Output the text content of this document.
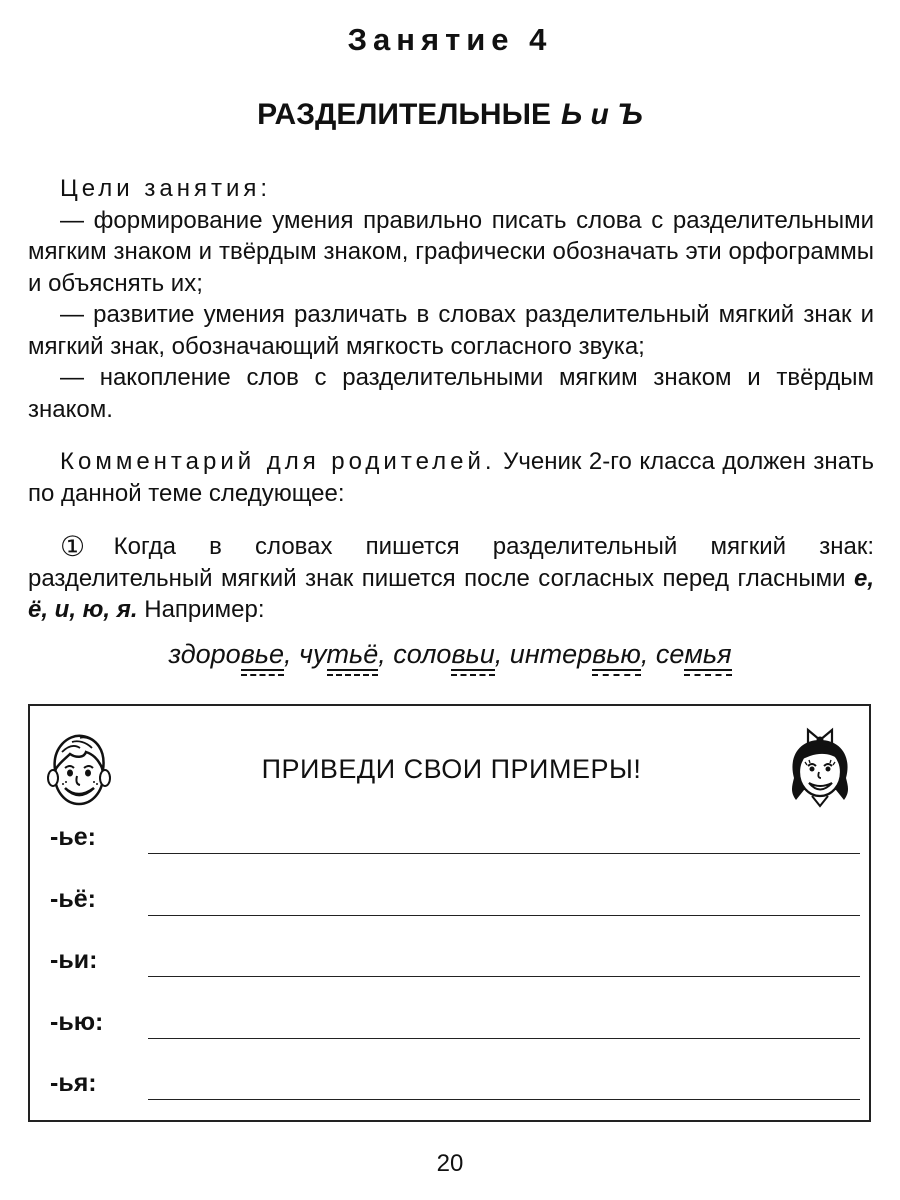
Занятие 4
РАЗДЕЛИТЕЛЬНЫЕ Ь и Ъ

Цели занятия:

— формирование умения правильно писать слова с разделительными мягким знаком и твёрдым знаком, графически обозначать эти орфограммы и объяснять их;

— развитие умения различать в словах разделительный мягкий знак и мягкий знак, обозначающий мягкость согласного звука;

— накопление слов с разделительными мягким знаком и твёрдым знаком.

Комментарий для родителей. Ученик 2-го класса должен знать по данной теме следующее:

①Когда в словах пишется разделительный мягкий знак: разделительный мягкий знак пишется после согласных перед гласными е, ё, и, ю, я. Например:

здоровье, чутьё, соловьи, интервью, семья

ПРИВЕДИ СВОИ ПРИМЕРЫ!
-ье:
-ьё:
-ьи:
-ью:
-ья:

20
